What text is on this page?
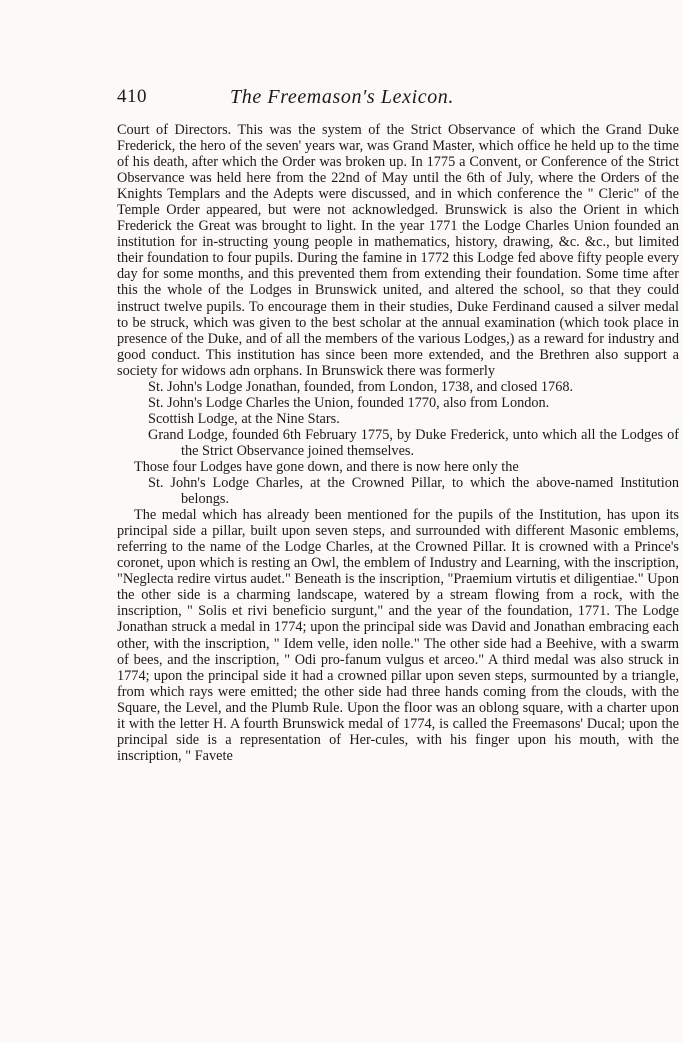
410	The Freemason's Lexicon.

Court of Directors. This was the system of the Strict Observance of which the Grand Duke Frederick, the hero of the seven' years war, was Grand Master, which office he held up to the time of his death, after which the Order was broken up. In 1775 a Convent, or Conference of the Strict Observance was held here from the 22nd of May until the 6th of July, where the Orders of the Knights Templars and the Adepts were discussed, and in which conference the " Cleric" of the Temple Order appeared, but were not acknowledged. Brunswick is also the Orient in which Frederick the Great was brought to light. In the year 1771 the Lodge Charles Union founded an institution for in-structing young people in mathematics, history, drawing, &c. &c., but limited their foundation to four pupils. During the famine in 1772 this Lodge fed above fifty people every day for some months, and this prevented them from extending their foundation. Some time after this the whole of the Lodges in Brunswick united, and altered the school, so that they could instruct twelve pupils. To encourage them in their studies, Duke Ferdinand caused a silver medal to be struck, which was given to the best scholar at the annual examination (which took place in presence of the Duke, and of all the members of the various Lodges,) as a reward for industry and good conduct. This institution has since been more extended, and the Brethren also support a society for widows adn orphans. In Brunswick there was formerly

St. John's Lodge Jonathan, founded, from London, 1738, and closed 1768.

St. John's Lodge Charles the Union, founded 1770, also from London.

Scottish Lodge, at the Nine Stars.

Grand Lodge, founded 6th February 1775, by Duke Frederick, unto which all the Lodges of the Strict Observance joined themselves.

Those four Lodges have gone down, and there is now here only the

St. John's Lodge Charles, at the Crowned Pillar, to which the above-named Institution belongs.

The medal which has already been mentioned for the pupils of the Institution, has upon its principal side a pillar, built upon seven steps, and surrounded with different Masonic emblems, referring to the name of the Lodge Charles, at the Crowned Pillar. It is crowned with a Prince's coronet, upon which is resting an Owl, the emblem of Industry and Learning, with the inscription, "Neglecta redire virtus audet." Beneath is the inscription, "Praemium virtutis et diligentiae." Upon the other side is a charming landscape, watered by a stream flowing from a rock, with the inscription, " Solis et rivi beneficio surgunt," and the year of the foundation, 1771. The Lodge Jonathan struck a medal in 1774; upon the principal side was David and Jonathan embracing each other, with the inscription, " Idem velle, iden nolle." The other side had a Beehive, with a swarm of bees, and the inscription, " Odi pro-fanum vulgus et arceo." A third medal was also struck in 1774; upon the principal side it had a crowned pillar upon seven steps, surmounted by a triangle, from which rays were emitted; the other side had three hands coming from the clouds, with the Square, the Level, and the Plumb Rule. Upon the floor was an oblong square, with a charter upon it with the letter H. A fourth Brunswick medal of 1774, is called the Freemasons' Ducal; upon the principal side is a representation of Her-cules, with his finger upon his mouth, with the inscription, " Favete
